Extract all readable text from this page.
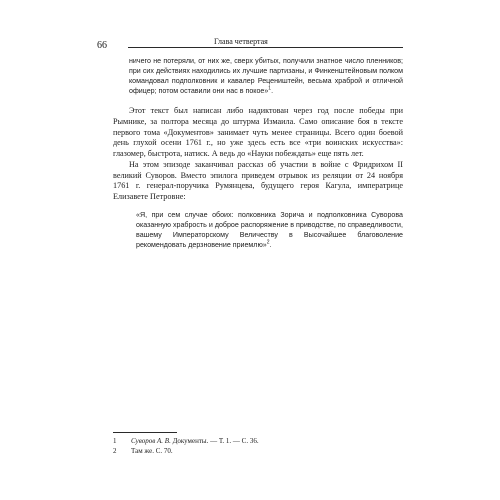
66	Глава четвертая

ничего не потеряли, от них же, сверх убитых, получили знатное число пленников; при сих действиях находились их лучшие партизаны, и Финкенштейновым полком командовал подполковник и кавалер Рецеништейн, весьма храброй и отличной офицер; потом оставили они нас в покое»$^1$.

Этот текст был написан либо надиктован через год после победы при Рымнике, за полтора месяца до штурма Измаила. Само описание боя в тексте первого тома «Документов» занимает чуть менее страницы. Всего один боевой день глухой осени 1761 г., но уже здесь есть все «три воинских искусства»: глазомер, быстрота, натиск. А ведь до «Науки побеждать» еще пять лет.

На этом эпизоде заканчивал рассказ об участии в войне с Фридрихом II великий Суворов. Вместо эпилога приведем отрывок из реляции от 24 ноября 1761 г. генерал-поручика Румянцева, будущего героя Кагула, императрице Елизавете Петровне:

«Я, при сем случае обоих: полковника Зорича и подполковника Суворова оказанную храбрость и доброе распоряжение в приводстве, по справедливости, вашему Императорскому Величеству в Высочайшее благоволение рекомендовать дерзновение приемлю»$^2$.

1	Суворов А. В. Документы. — Т. 1. — С. 36.
2	Там же. С. 70.
